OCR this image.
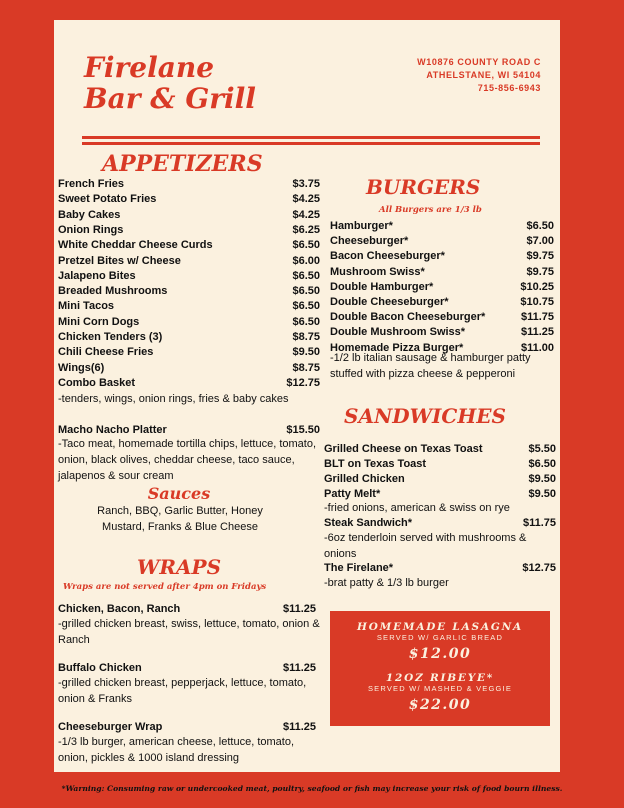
Firelane
Bar & Grill
W10876 COUNTY ROAD C
ATHELSTANE, WI 54104
715-856-6943
APPETIZERS
French Fries	$3.75
Sweet Potato Fries	$4.25
Baby Cakes	$4.25
Onion Rings	$6.25
White Cheddar Cheese Curds	$6.50
Pretzel Bites w/ Cheese	$6.00
Jalapeno Bites	$6.50
Breaded Mushrooms	$6.50
Mini Tacos	$6.50
Mini Corn Dogs	$6.50
Chicken Tenders (3)	$8.75
Chili Cheese Fries	$9.50
Wings(6)	$8.75
Combo Basket	$12.75
-tenders, wings, onion rings, fries & baby cakes
Macho Nacho Platter	$15.50
-Taco meat, homemade tortilla chips, lettuce, tomato, onion, black olives, cheddar cheese, taco sauce, jalapenos & sour cream
Sauces
Ranch, BBQ, Garlic Butter, Honey Mustard, Franks & Blue Cheese
WRAPS
Wraps are not served after 4pm on Fridays
Chicken, Bacon, Ranch	$11.25
-grilled chicken breast, swiss, lettuce, tomato, onion & Ranch
Buffalo Chicken	$11.25
-grilled chicken breast, pepperjack, lettuce, tomato, onion & Franks
Cheeseburger Wrap	$11.25
-1/3 lb burger, american cheese, lettuce, tomato, onion, pickles & 1000 island dressing
BURGERS
All Burgers are 1/3 lb
Hamburger*	$6.50
Cheeseburger*	$7.00
Bacon Cheeseburger*	$9.75
Mushroom Swiss*	$9.75
Double Hamburger*	$10.25
Double Cheeseburger*	$10.75
Double Bacon Cheeseburger*	$11.75
Double Mushroom Swiss*	$11.25
Homemade Pizza Burger*	$11.00
-1/2 lb italian sausage & hamburger patty stuffed with pizza cheese & pepperoni
SANDWICHES
Grilled Cheese on Texas Toast	$5.50
BLT on Texas Toast	$6.50
Grilled Chicken	$9.50
Patty Melt*	$9.50
-fried onions, american & swiss on rye
Steak Sandwich*	$11.75
-6oz tenderloin served with mushrooms & onions
The Firelane*	$12.75
-brat patty & 1/3 lb burger
HOMEMADE LASAGNA
SERVED W/ GARLIC BREAD
$12.00
12OZ RIBEYE*
SERVED W/ MASHED & VEGGIE
$22.00
*Warning: Consuming raw or undercooked meat, poultry, seafood or fish may increase your risk of food bourn illness.
